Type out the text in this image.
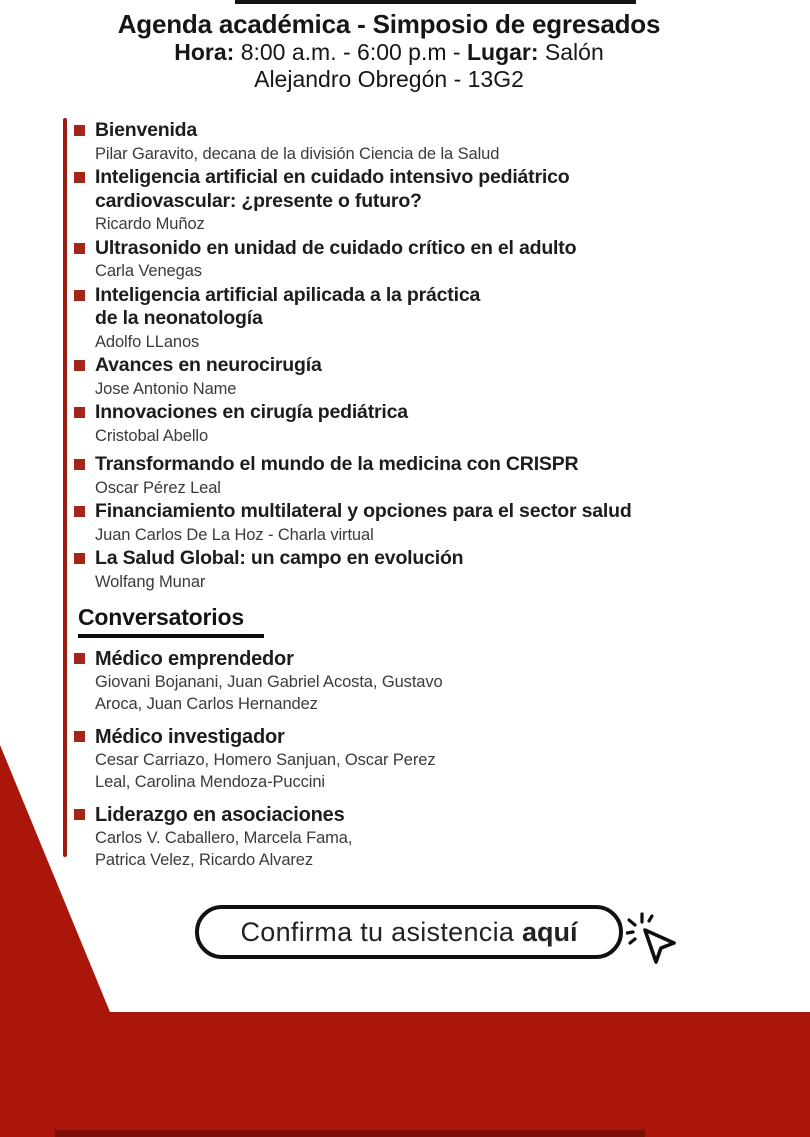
Agenda académica - Simposio de egresados
Hora: 8:00 a.m. - 6:00 p.m - Lugar: Salón
Alejandro Obregón - 13G2
Bienvenida
Pilar Garavito, decana de la división Ciencia de la Salud
Inteligencia artificial en cuidado intensivo pediátrico
cardiovascular: ¿presente o futuro?
Ricardo Muñoz
Ultrasonido en unidad de cuidado crítico en el adulto
Carla Venegas
Inteligencia artificial apilicada a la práctica
de la neonatología
Adolfo LLanos
Avances en neurocirugía
Jose Antonio Name
Innovaciones en cirugía pediátrica
Cristobal Abello
Transformando el mundo de la medicina con CRISPR
Oscar Pérez Leal
Financiamiento multilateral y opciones para el sector salud
Juan Carlos De La Hoz - Charla virtual
La Salud Global: un campo en evolución
Wolfang Munar
Conversatorios
Médico emprendedor
Giovani Bojanani, Juan Gabriel Acosta, Gustavo
Aroca, Juan Carlos Hernandez
Médico investigador
Cesar Carriazo, Homero Sanjuan, Oscar Perez
Leal, Carolina Mendoza-Puccini
Liderazgo en asociaciones
Carlos V. Caballero, Marcela Fama,
Patrica Velez, Ricardo Alvarez
Confirma tu asistencia aquí
